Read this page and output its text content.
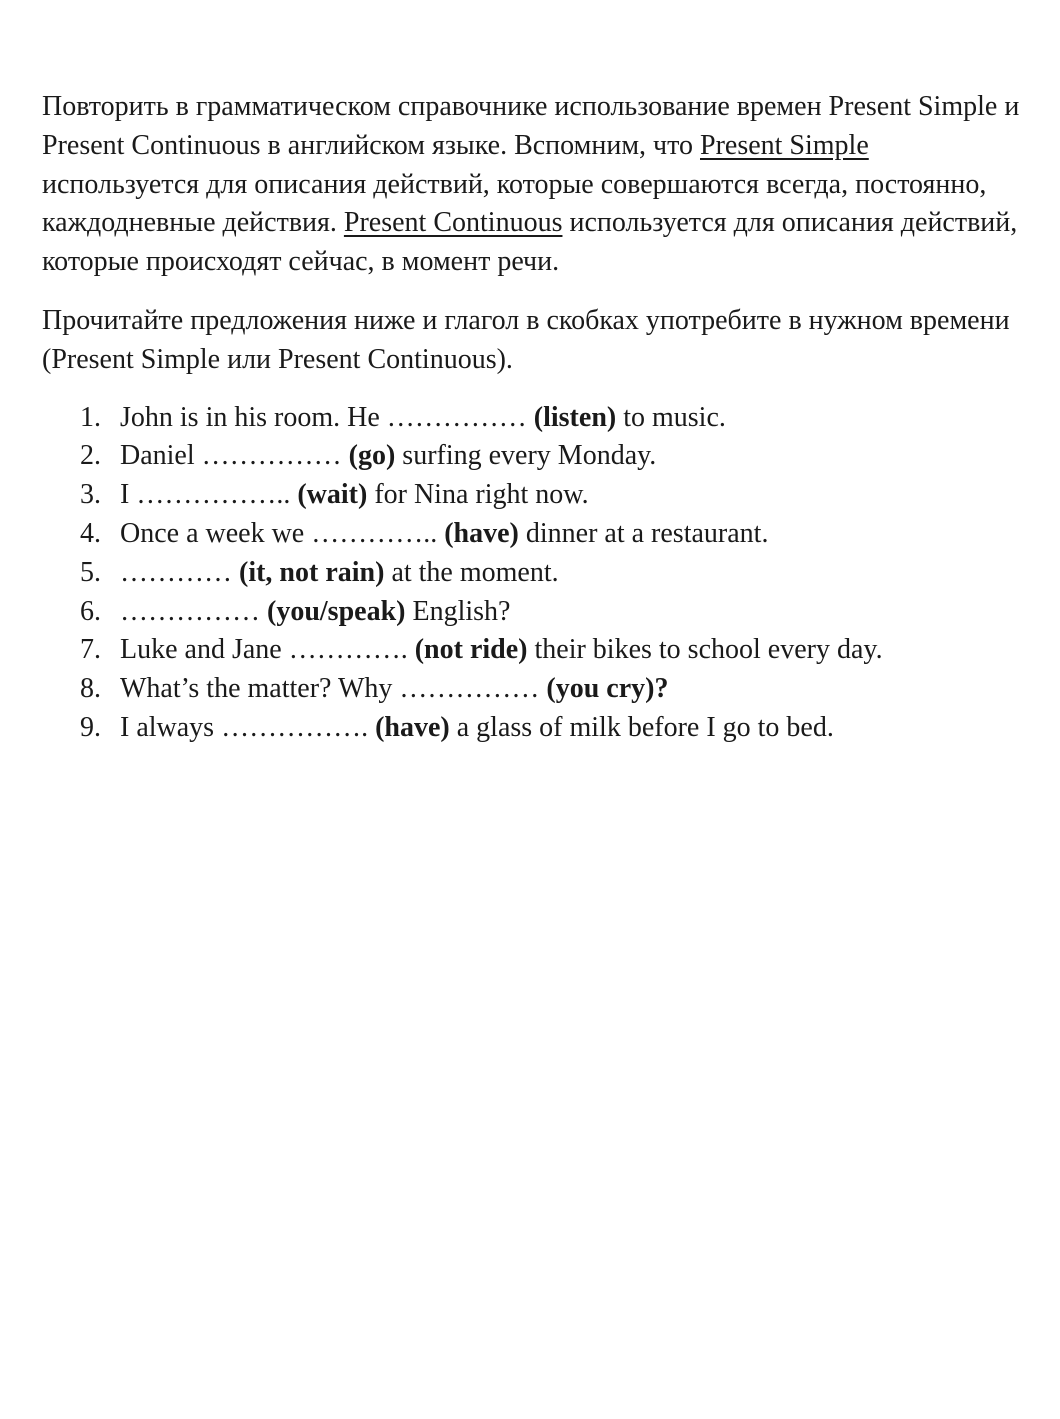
Повторить в грамматическом справочнике использование времен Present Simple и Present Continuous в английском языке. Вспомним, что Present Simple используется для описания действий, которые совершаются всегда, постоянно, каждодневные действия. Present Continuous используется для описания действий, которые происходят сейчас, в момент речи.

Прочитайте предложения ниже и глагол в скобках употребите в нужном времени (Present Simple или Present Continuous).

1. John is in his room. He …………… (listen) to music.
2. Daniel …………… (go) surfing every Monday.
3. I …………….. (wait) for Nina right now.
4. Once a week we ………….. (have) dinner at a restaurant.
5. ………… (it, not rain) at the moment.
6. …………… (you/speak) English?
7. Luke and Jane …………. (not ride) their bikes to school every day.
8. What’s the matter? Why …………… (you cry)?
9. I always ……………. (have) a glass of milk before I go to bed.
